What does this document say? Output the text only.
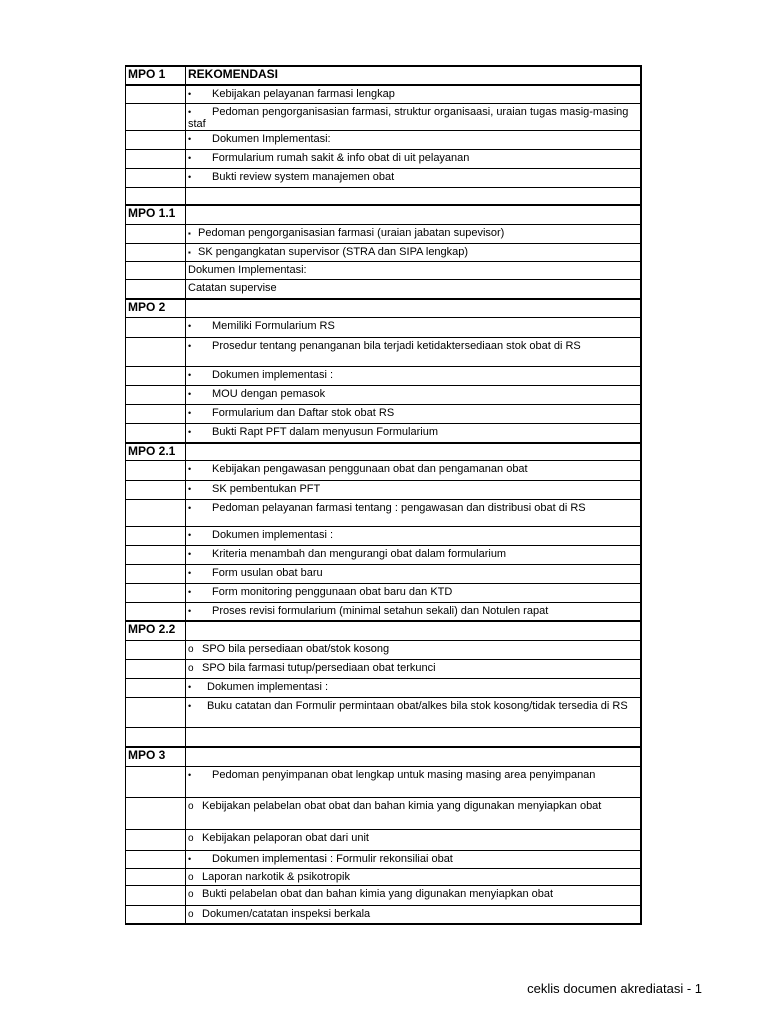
MPO 1	REKOMENDASI
• Kebijakan pelayanan farmasi lengkap
• Pedoman pengorganisasian farmasi, struktur organisaasi, uraian tugas masig-masing staf
• Dokumen Implementasi:
• Formularium rumah sakit & info obat di uit pelayanan
• Bukti review system manajemen obat
MPO 1.1
▪ Pedoman pengorganisasian farmasi (uraian jabatan supevisor)
▪ SK pengangkatan supervisor (STRA dan SIPA lengkap)
Dokumen Implementasi:
Catatan supervise
MPO 2
• Memiliki Formularium RS
• Prosedur tentang penanganan bila terjadi ketidaktersediaan stok obat di RS
• Dokumen implementasi :
• MOU dengan pemasok
• Formularium dan Daftar stok obat RS
• Bukti Rapt PFT dalam menyusun Formularium
MPO 2.1
• Kebijakan pengawasan penggunaan obat dan pengamanan obat
• SK pembentukan PFT
• Pedoman pelayanan farmasi tentang : pengawasan dan distribusi obat di RS
• Dokumen implementasi :
• Kriteria menambah dan mengurangi obat dalam formularium
• Form usulan obat baru
• Form monitoring penggunaan obat baru dan KTD
• Proses revisi formularium (minimal setahun sekali) dan Notulen rapat
MPO 2.2
o SPO bila persediaan obat/stok kosong
o SPO bila farmasi tutup/persediaan obat terkunci
• Dokumen implementasi :
• Buku catatan dan Formulir permintaan obat/alkes bila stok kosong/tidak tersedia di RS
MPO 3
• Pedoman penyimpanan obat lengkap untuk masing masing area penyimpanan
o Kebijakan pelabelan obat obat dan bahan kimia yang digunakan menyiapkan obat
o Kebijakan pelaporan obat dari unit
• Dokumen implementasi : Formulir rekonsiliai obat
o Laporan narkotik & psikotropik
o Bukti pelabelan obat dan bahan kimia yang digunakan menyiapkan obat
o Dokumen/catatan inspeksi berkala
ceklis documen akrediatasi - 1
